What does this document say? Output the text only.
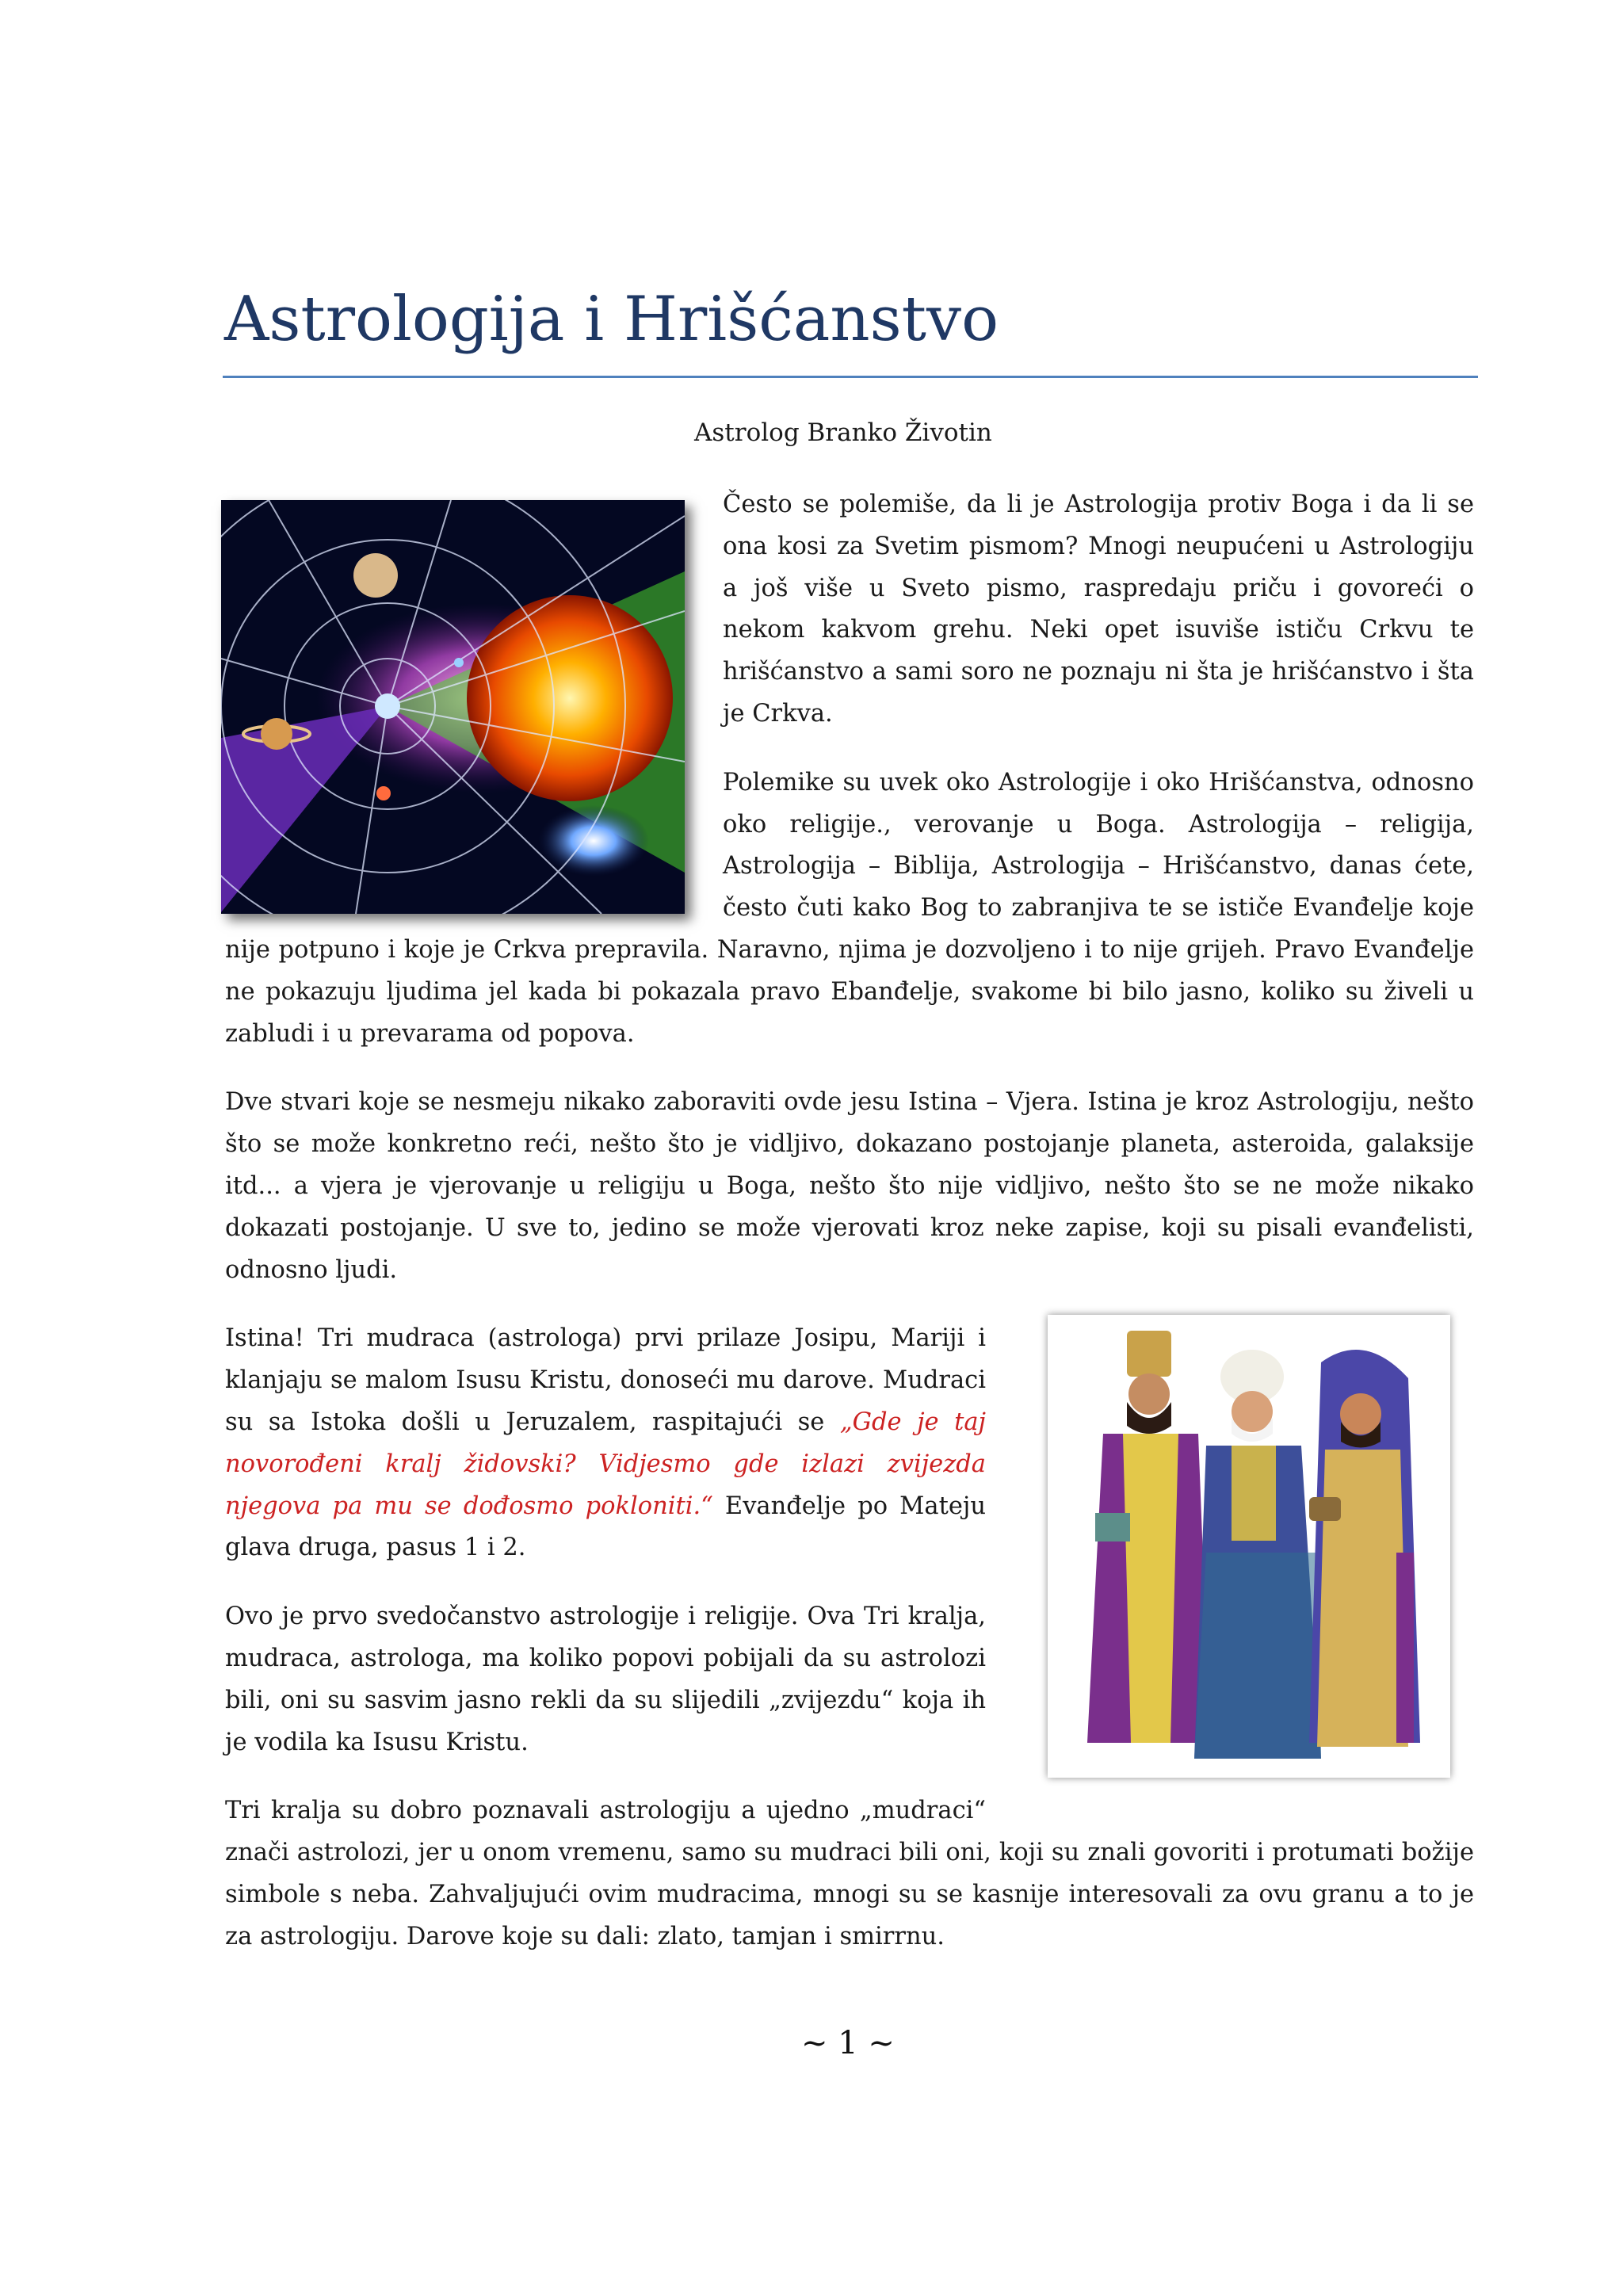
Astrologija i Hrišćanstvo
Astrolog Branko Životin

Često se polemiše, da li je Astrologija protiv Boga i da li se ona kosi za Svetim pismom? Mnogi neupućeni u Astrologiju a još više u Sveto pismo, raspredaju priču i govoreći o nekom kakvom grehu. Neki opet isuviše ističu Crkvu te hrišćanstvo a sami soro ne poznaju ni šta je hrišćanstvo i šta je Crkva.

Polemike su uvek oko Astrologije i oko Hrišćanstva, odnosno oko religije., verovanje u Boga. Astrologija – religija, Astrologija – Biblija, Astrologija – Hrišćanstvo, danas ćete, često čuti kako Bog to zabranjiva te se ističe Evanđelje koje nije potpuno i koje je Crkva prepravila. Naravno, njima je dozvoljeno i to nije grijeh. Pravo Evanđelje ne pokazuju ljudima jel kada bi pokazala pravo Ebanđelje, svakome bi bilo jasno, koliko su živeli u zabludi i u prevarama od popova.

Dve stvari koje se nesmeju nikako zaboraviti ovde jesu Istina – Vjera. Istina je kroz Astrologiju, nešto što se može konkretno reći, nešto što je vidljivo, dokazano postojanje planeta, asteroida, galaksije itd... a vjera je vjerovanje u religiju u Boga, nešto što nije vidljivo, nešto što se ne može nikako dokazati postojanje. U sve to, jedino se može vjerovati kroz neke zapise, koji su pisali evanđelisti, odnosno ljudi.

Istina! Tri mudraca (astrologa) prvi prilaze Josipu, Mariji i klanjaju se malom Isusu Kristu, donoseći mu darove. Mudraci su sa Istoka došli u Jeruzalem, raspitajući se „Gde je taj novorođeni kralj židovski? Vidjesmo gde izlazi zvijezda njegova pa mu se dođosmo pokloniti.“ Evanđelje po Mateju glava druga, pasus 1 i 2.

Ovo je prvo svedočanstvo astrologije i religije. Ova Tri kralja, mudraca, astrologa, ma koliko popovi pobijali da su astrolozi bili, oni su sasvim jasno rekli da su slijedili „zvijezdu“ koja ih je vodila ka Isusu Kristu.

Tri kralja su dobro poznavali astrologiju a ujedno „mudraci“ znači astrolozi, jer u onom vremenu, samo su mudraci bili oni, koji su znali govoriti i protumati božije simbole s neba. Zahvaljujući ovim mudracima, mnogi su se kasnije interesovali za ovu granu a to je za astrologiju. Darove koje su dali: zlato, tamjan i smirrnu.

~ 1 ~
